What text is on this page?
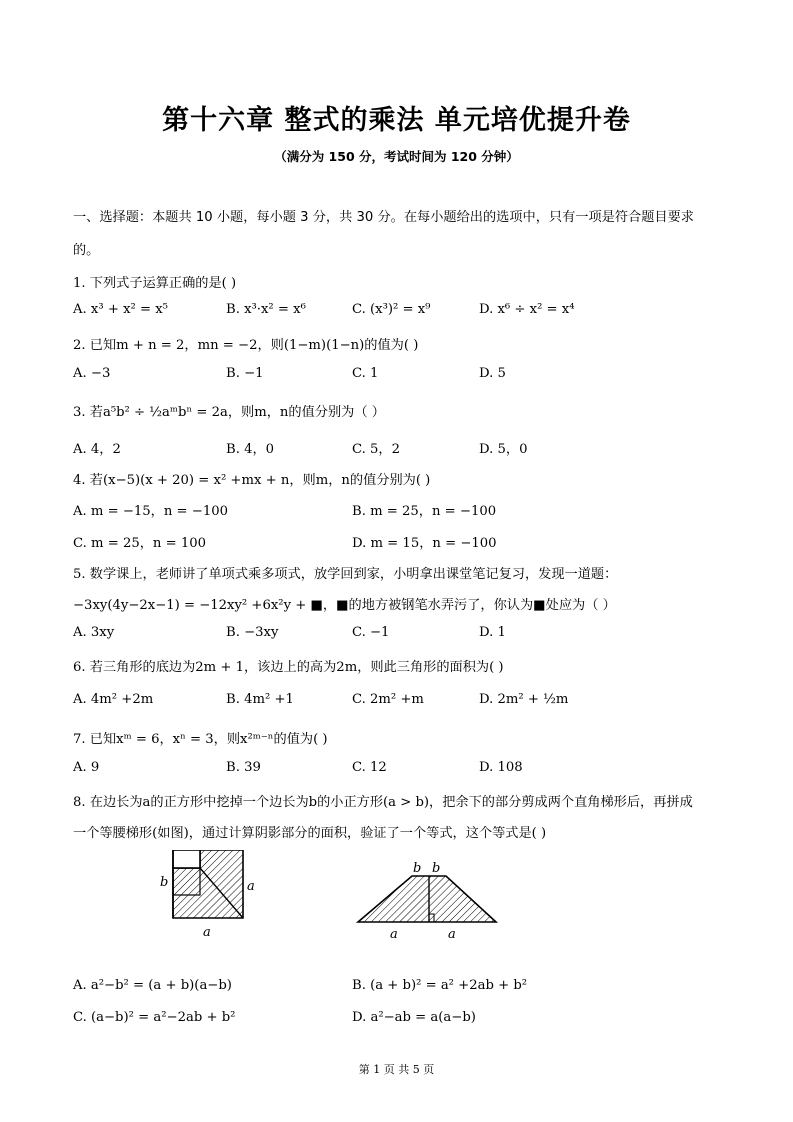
第十六章 整式的乘法 单元培优提升卷
（满分为 150 分，考试时间为 120 分钟）
一、选择题：本题共 10 小题，每小题 3 分，共 30 分。在每小题给出的选项中，只有一项是符合题目要求
的。
1. 下列式子运算正确的是( )
A. x³ + x² = x⁵	B. x³·x² = x⁶	C. (x³)² = x⁹	D. x⁶ ÷ x² = x⁴
2. 已知m + n = 2，mn = −2，则(1−m)(1−n)的值为( )
A. −3	B. −1	C. 1	D. 5
3. 若a⁵b² ÷ ½aᵐbⁿ = 2a，则m，n的值分别为（ ）
A. 4，2	B. 4，0	C. 5，2	D. 5，0
4. 若(x−5)(x + 20) = x² +mx + n，则m，n的值分别为( )
A. m = −15，n = −100	B. m = 25，n = −100
C. m = 25，n = 100	D. m = 15，n = −100
5. 数学课上，老师讲了单项式乘多项式，放学回到家，小明拿出课堂笔记复习，发现一道题：
−3xy(4y−2x−1) = −12xy² +6x²y + ■，■的地方被钢笔水弄污了，你认为■处应为（ ）
A. 3xy	B. −3xy	C. −1	D. 1
6. 若三角形的底边为2m + 1，该边上的高为2m，则此三角形的面积为( )
A. 4m² +2m	B. 4m² +1	C. 2m² +m	D. 2m² + ½m
7. 已知xᵐ = 6，xⁿ = 3，则x²ᵐ⁻ⁿ的值为( )
A. 9	B. 39	C. 12	D. 108
8. 在边长为a的正方形中挖掉一个边长为b的小正方形(a > b)，把余下的部分剪成两个直角梯形后，再拼成
一个等腰梯形(如图)，通过计算阴影部分的面积，验证了一个等式，这个等式是( )
b	a
a
b b
a	a
A. a²−b² = (a + b)(a−b)	B. (a + b)² = a² +2ab + b²
C. (a−b)² = a²−2ab + b²	D. a²−ab = a(a−b)
第 1 页 共 5 页
